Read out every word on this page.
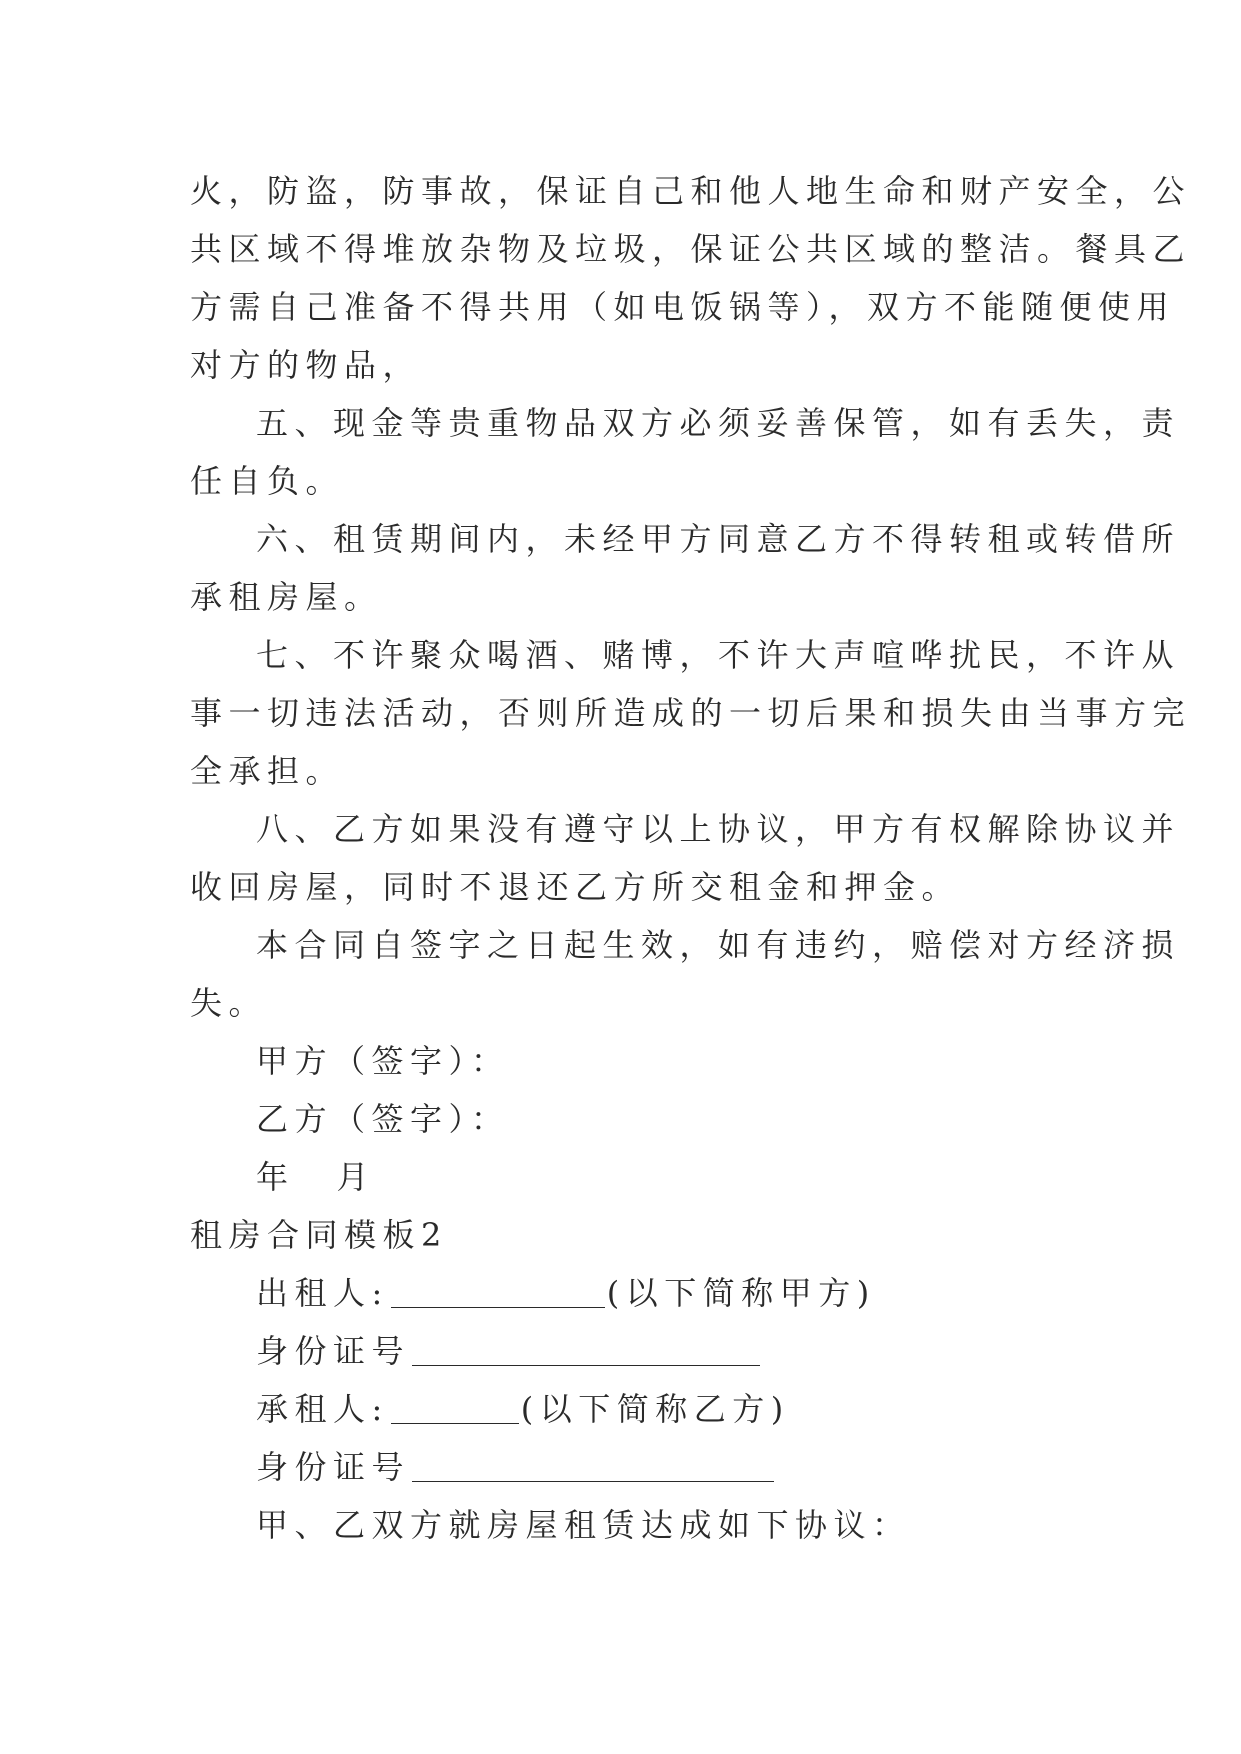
火，防盗，防事故，保证自己和他人地生命和财产安全，公
共区域不得堆放杂物及垃圾，保证公共区域的整洁。餐具乙
方需自己准备不得共用（如电饭锅等），双方不能随便使用
对方的物品，
五、现金等贵重物品双方必须妥善保管，如有丢失，责
任自负。
六、租赁期间内，未经甲方同意乙方不得转租或转借所
承租房屋。
七、不许聚众喝酒、赌博，不许大声喧哗扰民，不许从
事一切违法活动，否则所造成的一切后果和损失由当事方完
全承担。
八、乙方如果没有遵守以上协议，甲方有权解除协议并
收回房屋，同时不退还乙方所交租金和押金。
本合同自签字之日起生效，如有违约，赔偿对方经济损
失。
甲方（签字）：
乙方（签字）：
年 月
租房合同模板2
出租人:	(以下简称甲方)
身份证号
承租人:	(以下简称乙方)
身份证号
甲、乙双方就房屋租赁达成如下协议：
